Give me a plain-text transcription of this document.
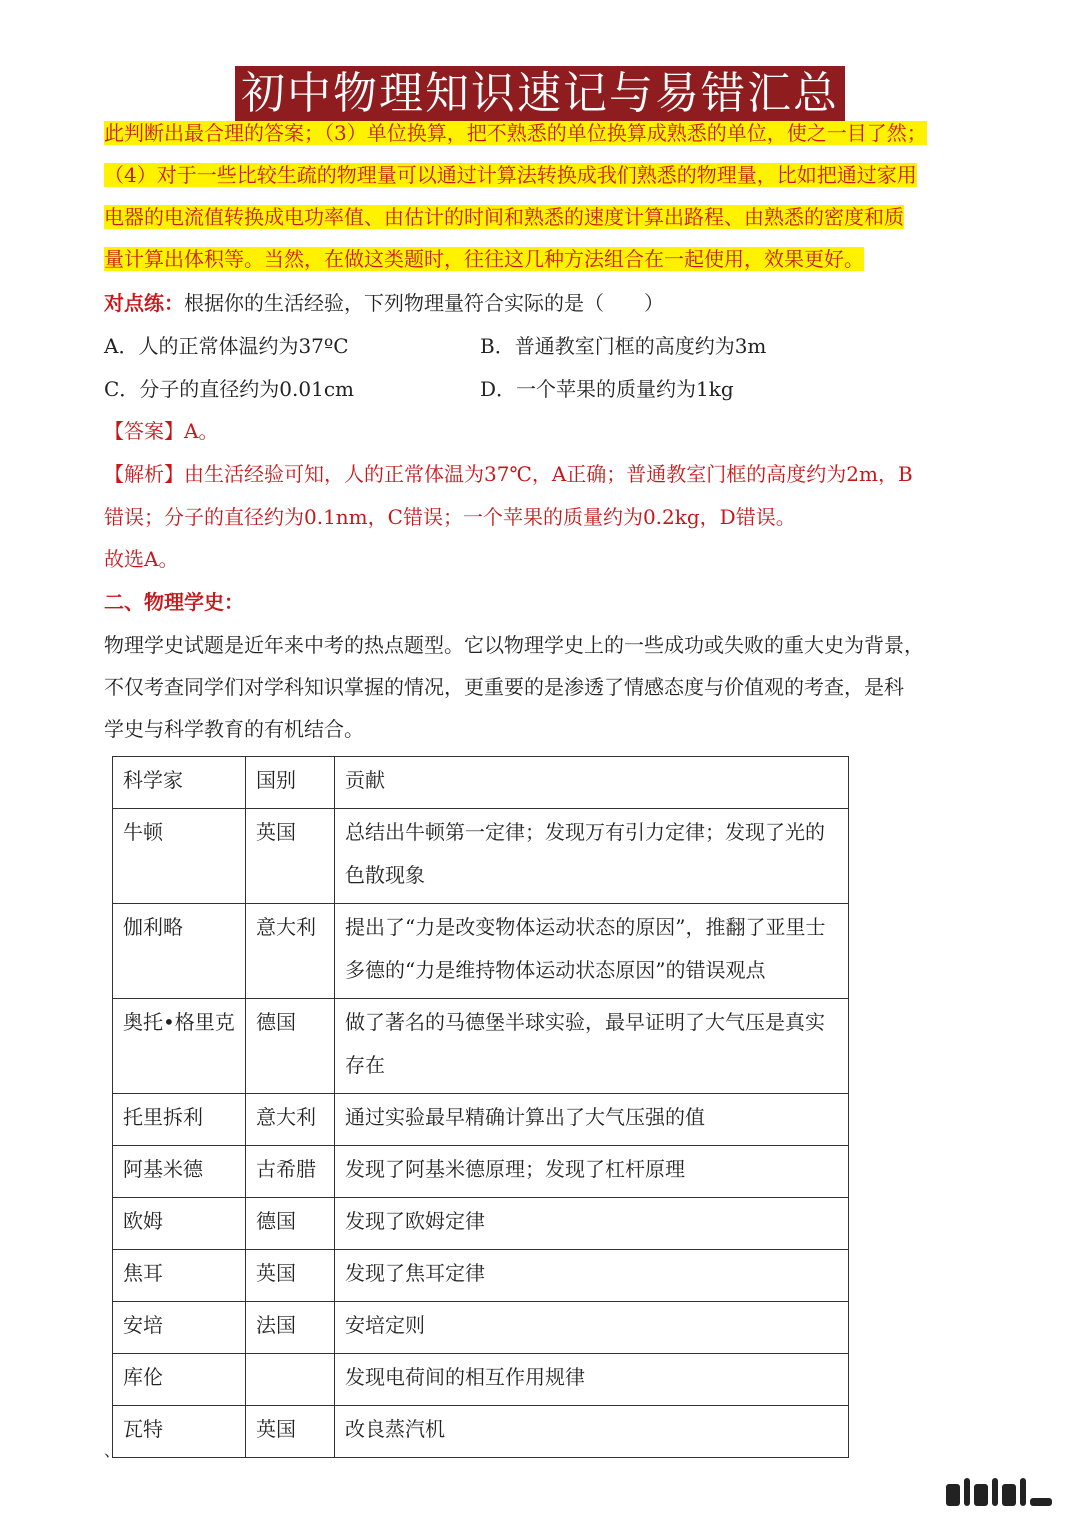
初中物理知识速记与易错汇总
此判断出最合理的答案；（3）单位换算，把不熟悉的单位换算成熟悉的单位，使之一目了然；
（4）对于一些比较生疏的物理量可以通过计算法转换成我们熟悉的物理量，比如把通过家用
电器的电流值转换成电功率值、由估计的时间和熟悉的速度计算出路程、由熟悉的密度和质
量计算出体积等。当然，在做这类题时，往往这几种方法组合在一起使用，效果更好。
对点练：根据你的生活经验，下列物理量符合实际的是（　　）
A．人的正常体温约为37ºC	B．普通教室门框的高度约为3m
C．分子的直径约为0.01cm	D．一个苹果的质量约为1kg
【答案】A。
【解析】由生活经验可知，人的正常体温为37℃，A正确；普通教室门框的高度约为2m，B
错误；分子的直径约为0.1nm，C错误；一个苹果的质量约为0.2kg，D错误。
故选A。
二、物理学史：
物理学史试题是近年来中考的热点题型。它以物理学史上的一些成功或失败的重大史为背景，
不仅考查同学们对学科知识掌握的情况，更重要的是渗透了情感态度与价值观的考查，是科
学史与科学教育的有机结合。
科学家	国别	贡献
牛顿	英国	总结出牛顿第一定律；发现万有引力定律；发现了光的色散现象
伽利略	意大利	提出了“力是改变物体运动状态的原因”，推翻了亚里士多德的“力是维持物体运动状态原因”的错误观点
奥托•格里克	德国	做了著名的马德堡半球实验，最早证明了大气压是真实存在
托里拆利	意大利	通过实验最早精确计算出了大气压强的值
阿基米德	古希腊	发现了阿基米德原理；发现了杠杆原理
欧姆	德国	发现了欧姆定律
焦耳	英国	发现了焦耳定律
安培	法国	安培定则
库伦		发现电荷间的相互作用规律
瓦特	英国	改良蒸汽机
、
